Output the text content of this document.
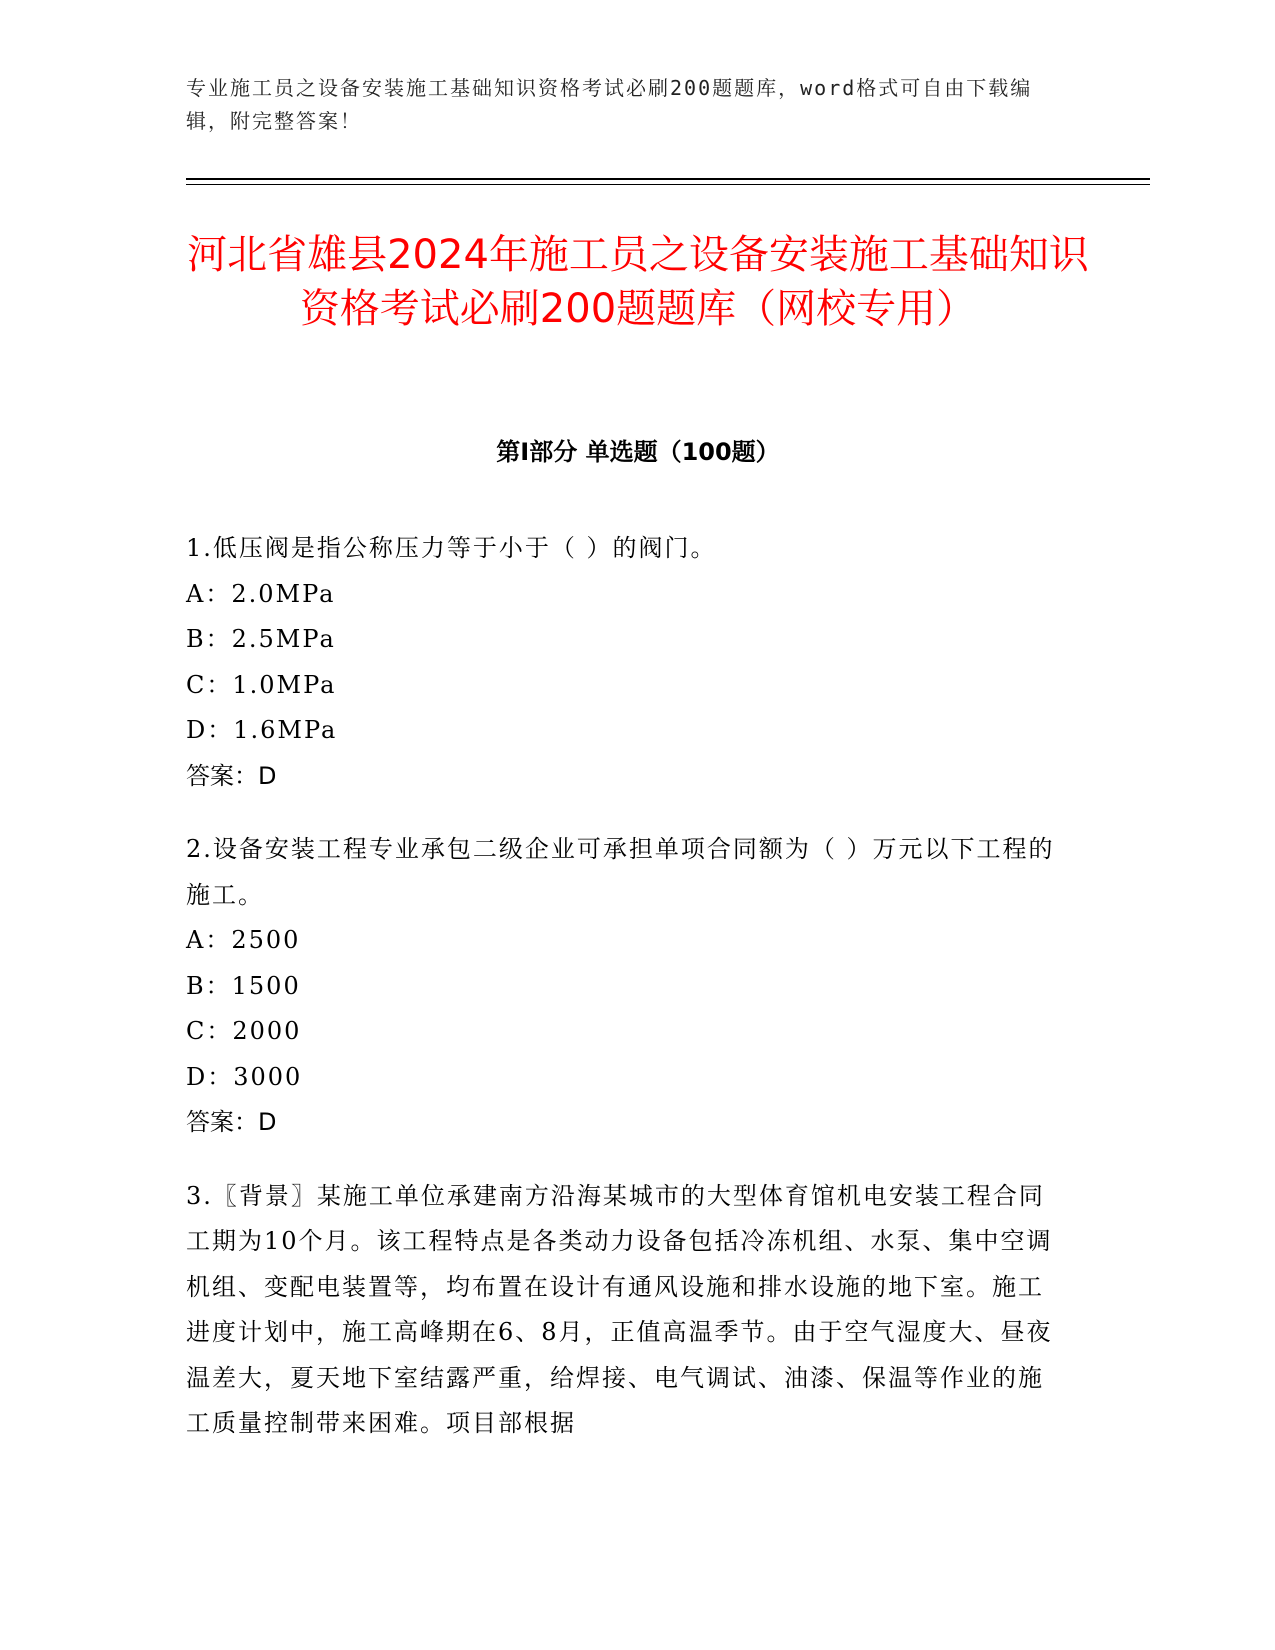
专业施工员之设备安装施工基础知识资格考试必刷200题题库，word格式可自由下载编辑，附完整答案！
河北省雄县2024年施工员之设备安装施工基础知识资格考试必刷200题题库（网校专用）
第I部分 单选题（100题）
1.低压阀是指公称压力等于小于（ ）的阀门。
A：2.0MPa
B：2.5MPa
C：1.0MPa
D：1.6MPa
答案：D
2.设备安装工程专业承包二级企业可承担单项合同额为（ ）万元以下工程的施工。
A：2500
B：1500
C：2000
D：3000
答案：D
3.〖背景〗某施工单位承建南方沿海某城市的大型体育馆机电安装工程合同工期为10个月。该工程特点是各类动力设备包括冷冻机组、水泵、集中空调机组、变配电装置等，均布置在设计有通风设施和排水设施的地下室。施工进度计划中，施工高峰期在6、8月，正值高温季节。由于空气湿度大、昼夜温差大，夏天地下室结露严重，给焊接、电气调试、油漆、保温等作业的施工质量控制带来困难。项目部根据
